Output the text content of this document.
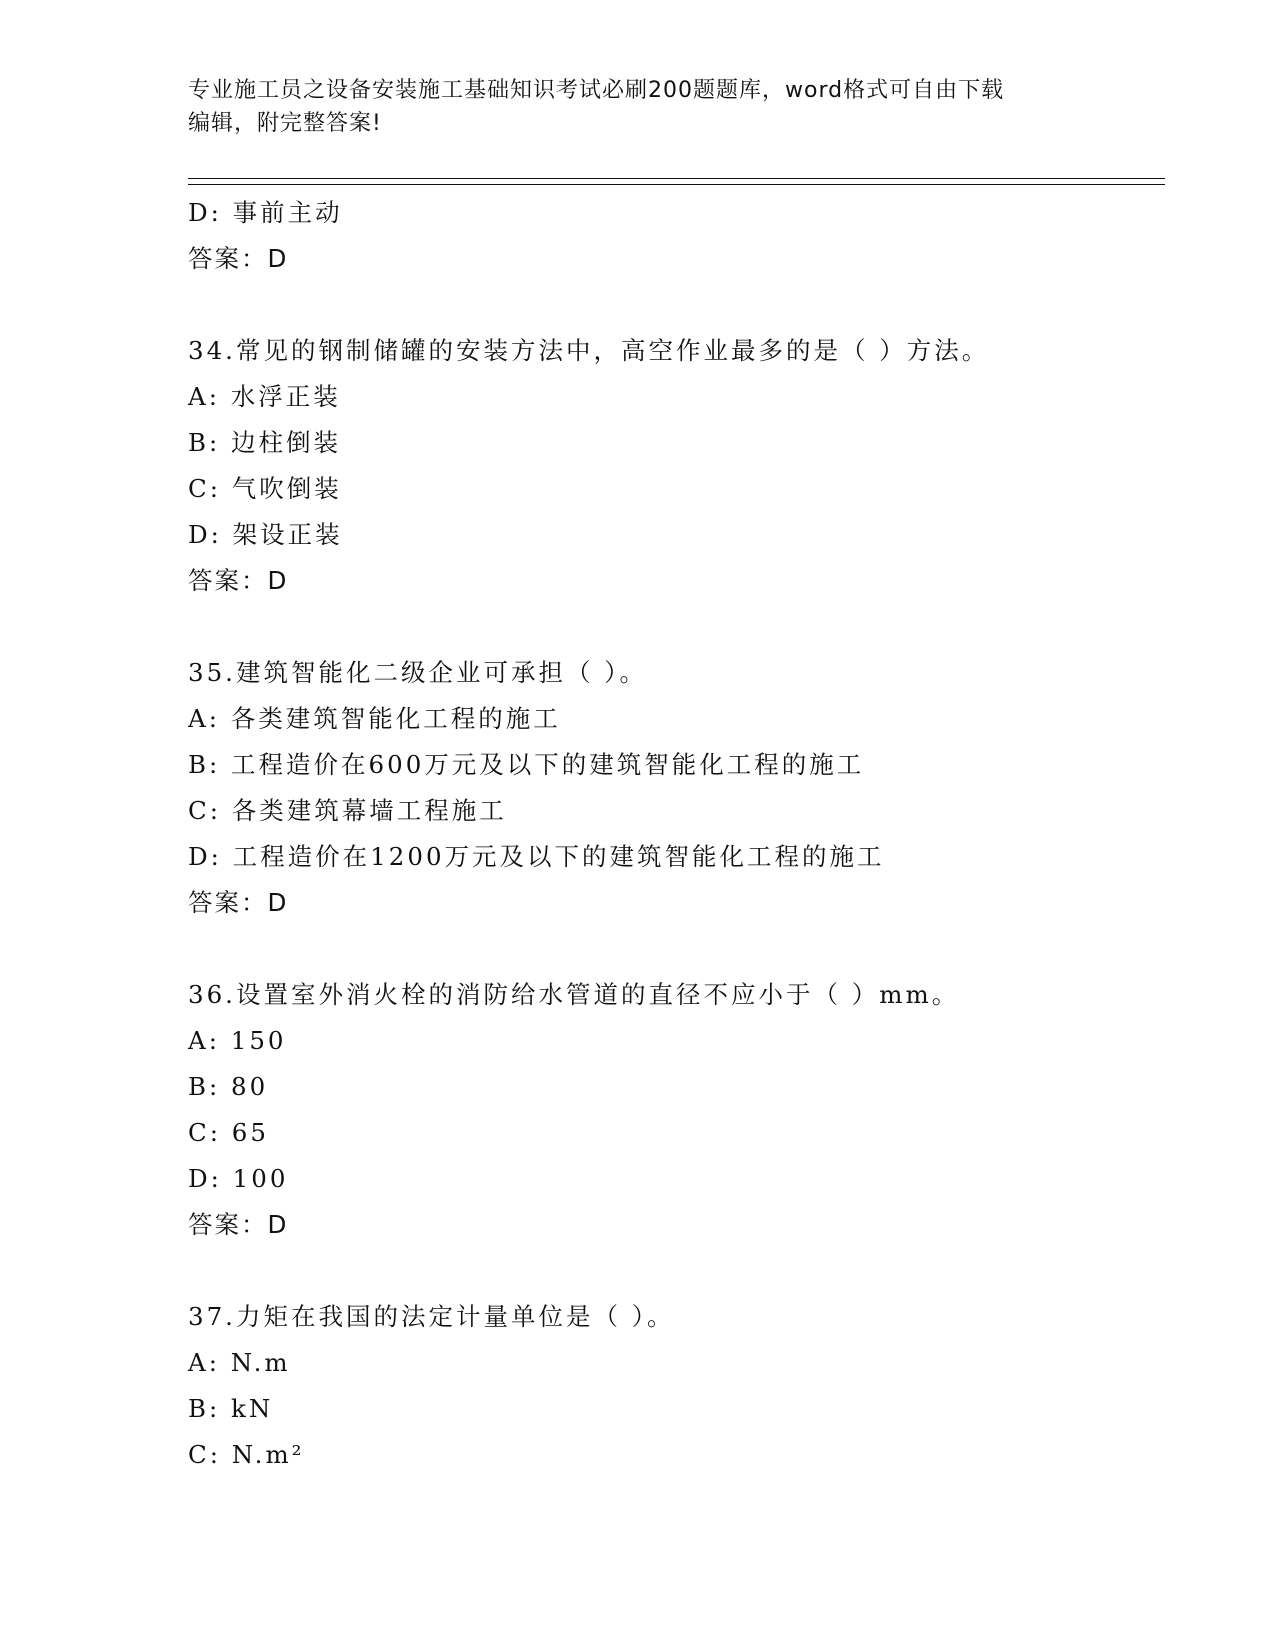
专业施工员之设备安装施工基础知识考试必刷200题题库，word格式可自由下载
编辑，附完整答案!
D: 事前主动
答案：D
34.常见的钢制储罐的安装方法中，高空作业最多的是（ ）方法。
A: 水浮正装
B: 边柱倒装
C: 气吹倒装
D: 架设正装
答案：D
35.建筑智能化二级企业可承担（ ）。
A: 各类建筑智能化工程的施工
B: 工程造价在600万元及以下的建筑智能化工程的施工
C: 各类建筑幕墙工程施工
D: 工程造价在1200万元及以下的建筑智能化工程的施工
答案：D
36.设置室外消火栓的消防给水管道的直径不应小于（ ）mm。
A: 150
B: 80
C: 65
D: 100
答案：D
37.力矩在我国的法定计量单位是（ ）。
A: N.m
B: kN
C: N.m²
